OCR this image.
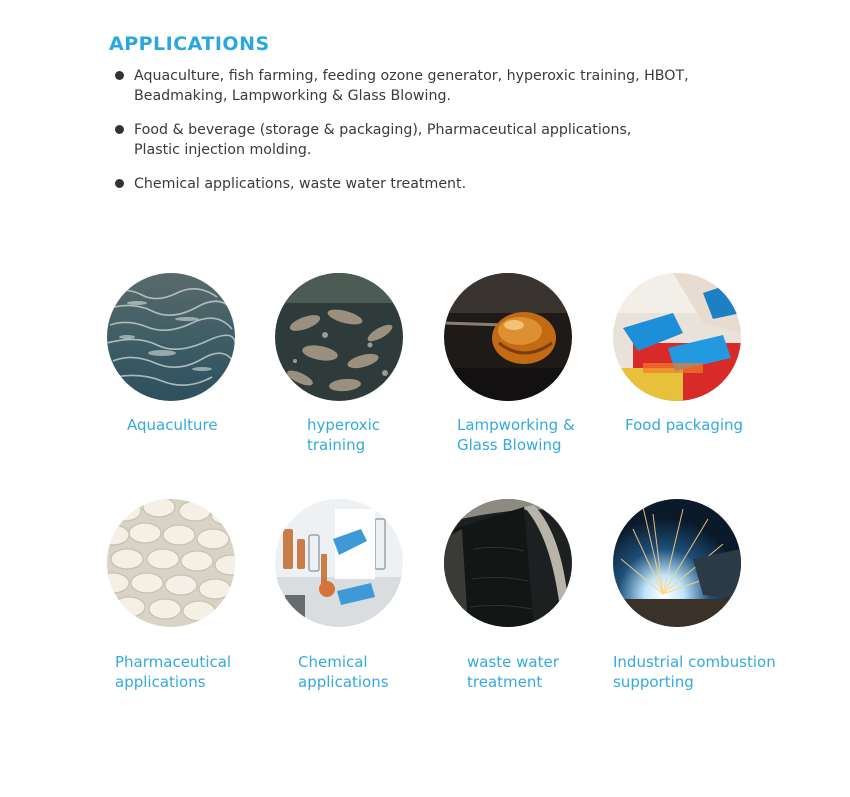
APPLICATIONS
Aquaculture, fish farming, feeding ozone generator, hyperoxic training, HBOT,
Beadmaking, Lampworking & Glass Blowing.
Food & beverage (storage & packaging), Pharmaceutical applications,
Plastic injection molding.
Chemical applications, waste water treatment.
Aquaculture	hyperoxic
training
Lampworking &
Glass Blowing
Food packaging
Pharmaceutical
applications
Chemical
applications
waste water
treatment
Industrial combustion
supporting
